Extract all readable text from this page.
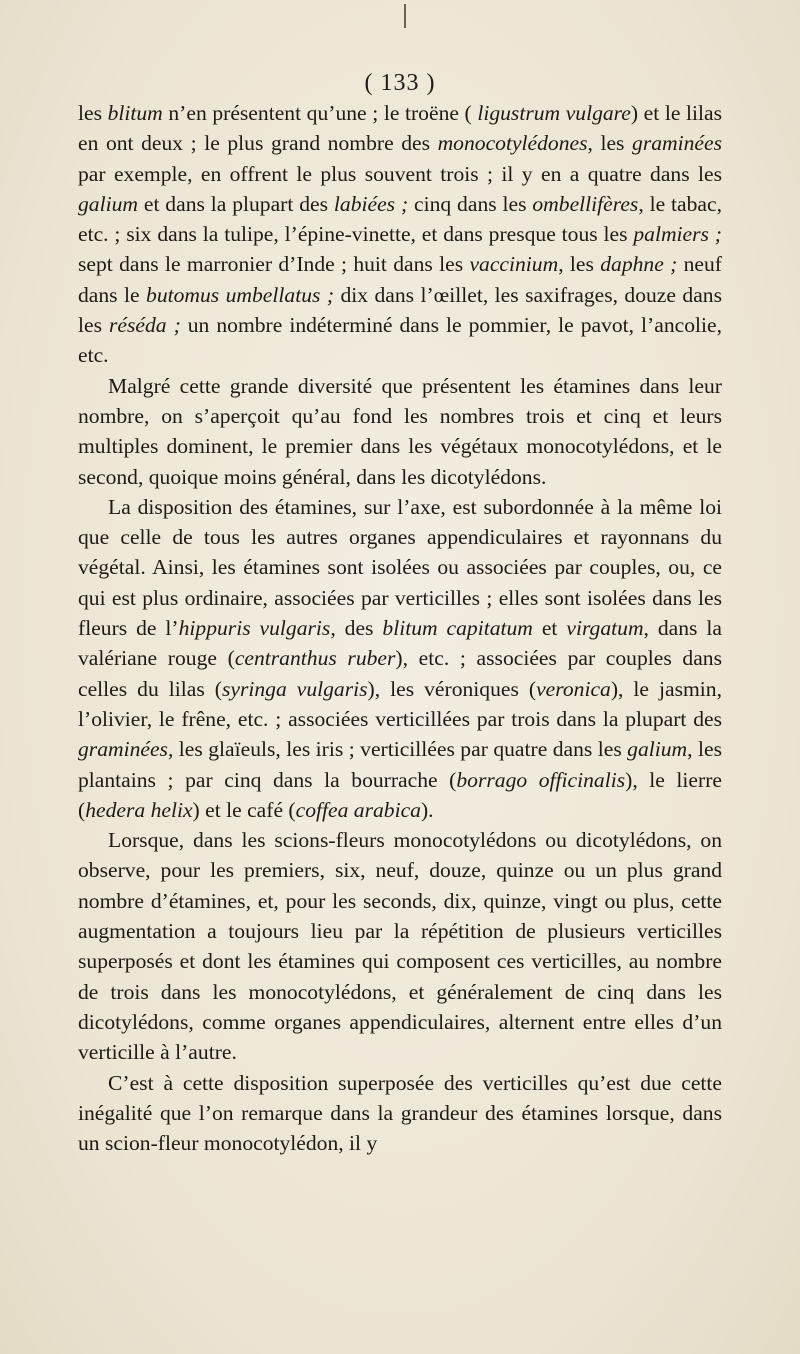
( 133 )

les blitum n’en présentent qu’une ; le troëne ( ligustrum vulgare) et le lilas en ont deux ; le plus grand nombre des monocotylédones, les graminées par exemple, en offrent le plus souvent trois ; il y en a quatre dans les galium et dans la plupart des labiées ; cinq dans les ombellifères, le tabac, etc. ; six dans la tulipe, l’épine-vinette, et dans presque tous les palmiers ; sept dans le marronier d’Inde ; huit dans les vaccinium, les daphne ; neuf dans le butomus umbellatus ; dix dans l’œillet, les saxifrages, douze dans les réséda ; un nombre indéterminé dans le pommier, le pavot, l’ancolie, etc.

Malgré cette grande diversité que présentent les étamines dans leur nombre, on s’aperçoit qu’au fond les nombres trois et cinq et leurs multiples dominent, le premier dans les végétaux monocotylédons, et le second, quoique moins général, dans les dicotylédons.

La disposition des étamines, sur l’axe, est subordonnée à la même loi que celle de tous les autres organes appendiculaires et rayonnans du végétal. Ainsi, les étamines sont isolées ou associées par couples, ou, ce qui est plus ordinaire, associées par verticilles ; elles sont isolées dans les fleurs de l’hippuris vulgaris, des blitum capitatum et virgatum, dans la valériane rouge (centranthus ruber), etc. ; associées par couples dans celles du lilas (syringa vulgaris), les véroniques (veronica), le jasmin, l’olivier, le frêne, etc. ; associées verticillées par trois dans la plupart des graminées, les glaïeuls, les iris ; verticillées par quatre dans les galium, les plantains ; par cinq dans la bourrache (borrago officinalis), le lierre (hedera helix) et le café (coffea arabica).

Lorsque, dans les scions-fleurs monocotylédons ou dicotylédons, on observe, pour les premiers, six, neuf, douze, quinze ou un plus grand nombre d’étamines, et, pour les seconds, dix, quinze, vingt ou plus, cette augmentation a toujours lieu par la répétition de plusieurs verticilles superposés et dont les étamines qui composent ces verticilles, au nombre de trois dans les monocotylédons, et généralement de cinq dans les dicotylédons, comme organes appendiculaires, alternent entre elles d’un verticille à l’autre.

C’est à cette disposition superposée des verticilles qu’est due cette inégalité que l’on remarque dans la grandeur des étamines lorsque, dans un scion-fleur monocotylédon, il y
